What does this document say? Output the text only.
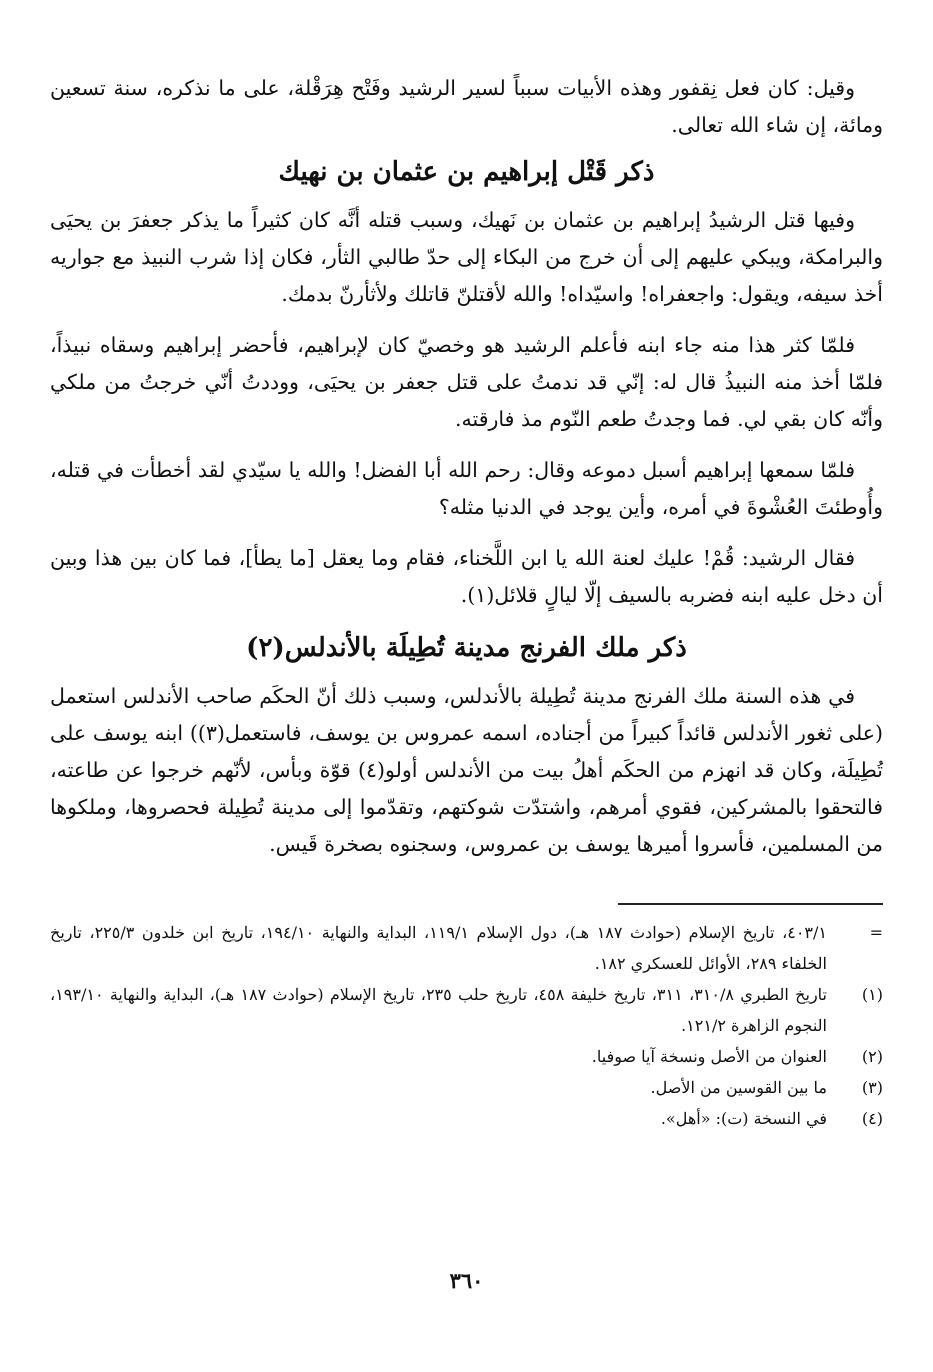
وقيل: كان فعل نِقفور وهذه الأبيات سبباً لسير الرشيد وفَتْح هِرَقْلة، على ما نذكره، سنة تسعين ومائة، إن شاء الله تعالى.

ذكر قَتْل إبراهيم بن عثمان بن نهيك

وفيها قتل الرشيدُ إبراهيم بن عثمان بن نَهيك، وسبب قتله أنَّه كان كثيراً ما يذكر جعفرَ بن يحيَى والبرامكة، ويبكي عليهم إلى أن خرج من البكاء إلى حدّ طالبي الثأر، فكان إذا شرب النبيذ مع جواريه أخذ سيفه، ويقول: واجعفراه! واسيّداه! والله لأقتلنّ قاتلك ولأثأرنّ بدمك.

فلمّا كثر هذا منه جاء ابنه فأعلم الرشيد هو وخصيّ كان لإبراهيم، فأحضر إبراهيم وسقاه نبيذاً، فلمّا أخذ منه النبيذُ قال له: إنّي قد ندمتُ على قتل جعفر بن يحيَى، ووددتُ أنّي خرجتُ من ملكي وأنّه كان بقي لي. فما وجدتُ طعم النّوم مذ فارقته.

فلمّا سمعها إبراهيم أسبل دموعه وقال: رحم الله أبا الفضل! والله يا سيّدي لقد أخطأت في قتله، وأُوطئتَ العُشْوةَ في أمره، وأين يوجد في الدنيا مثله؟

فقال الرشيد: قُمْ! عليك لعنة الله يا ابن اللَّخناء، فقام وما يعقل [ما يطأ]، فما كان بين هذا وبين أن دخل عليه ابنه فضربه بالسيف إلّا ليالٍ قلائل(١).

ذكر ملك الفرنج مدينة تُطِيلَة بالأندلس(٢)

في هذه السنة ملك الفرنج مدينة تُطِيلة بالأندلس، وسبب ذلك أنّ الحكَم صاحب الأندلس استعمل (على ثغور الأندلس قائداً كبيراً من أجناده، اسمه عمروس بن يوسف، فاستعمل(٣)) ابنه يوسف على تُطِيلَة، وكان قد انهزم من الحكَم أهلُ بيت من الأندلس أولو(٤) قوّة وبأس، لأنّهم خرجوا عن طاعته، فالتحقوا بالمشركين، فقوي أمرهم، واشتدّت شوكتهم، وتقدّموا إلى مدينة تُطِيلة فحصروها، وملكوها من المسلمين، فأسروا أميرها يوسف بن عمروس، وسجنوه بصخرة قَيس.

=
٤٠٣/١، تاريخ الإسلام (حوادث ١٨٧ هـ)، دول الإسلام ١١٩/١، البداية والنهاية ١٩٤/١٠، تاريخ ابن خلدون ٢٢٥/٣، تاريخ الخلفاء ٢٨٩، الأوائل للعسكري ١٨٢.
(١)
تاريخ الطبري ٣١٠/٨، ٣١١، تاريخ خليفة ٤٥٨، تاريخ حلب ٢٣٥، تاريخ الإسلام (حوادث ١٨٧ هـ)، البداية والنهاية ١٩٣/١٠، النجوم الزاهرة ١٢١/٢.
(٢)
العنوان من الأصل ونسخة آيا صوفيا.
(٣)
ما بين القوسين من الأصل.
(٤)
في النسخة (ت): «أهل».
٣٦٠
